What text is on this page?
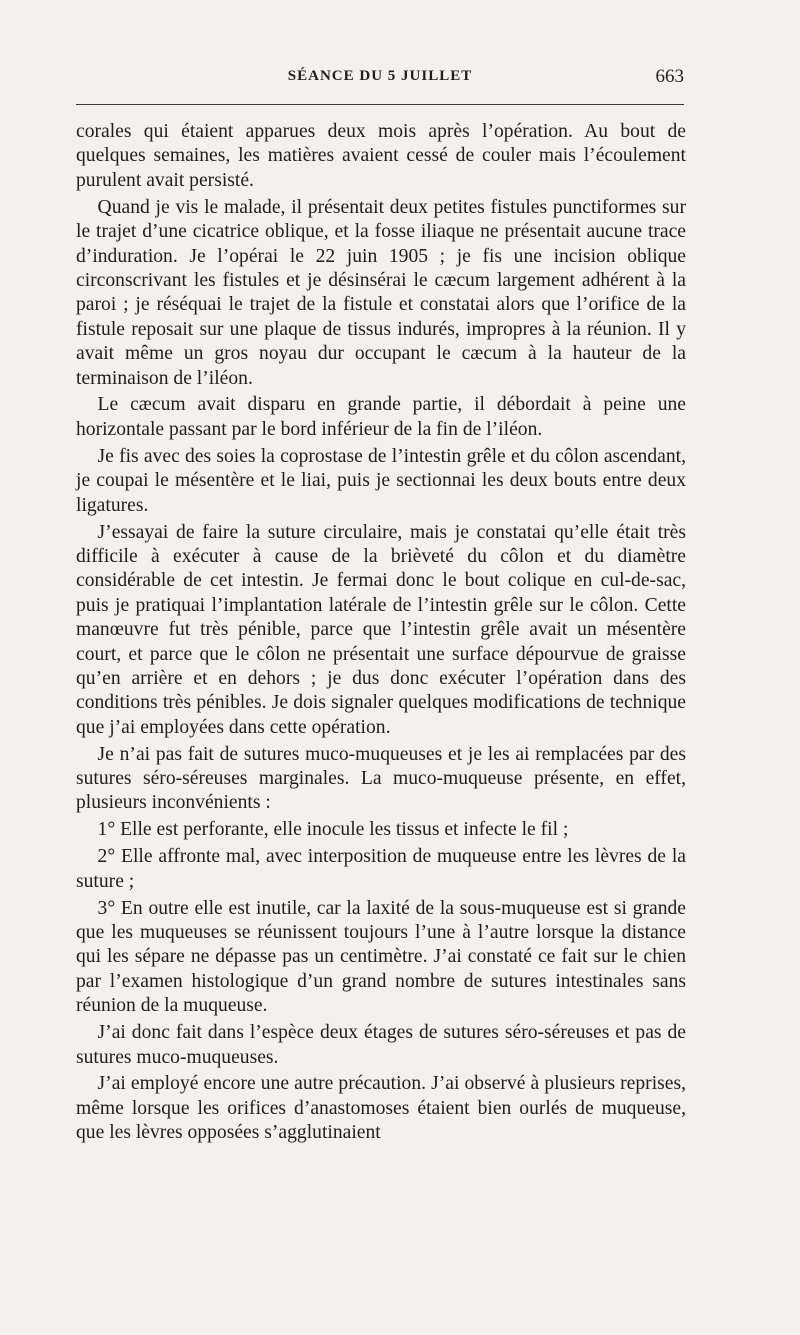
SÉANCE DU 5 JUILLET	663

corales qui étaient apparues deux mois après l’opération. Au bout de quelques semaines, les matières avaient cessé de couler mais l’écoulement purulent avait persisté.

Quand je vis le malade, il présentait deux petites fistules punctiformes sur le trajet d’une cicatrice oblique, et la fosse iliaque ne présentait aucune trace d’induration. Je l’opérai le 22 juin 1905 ; je fis une incision oblique circonscrivant les fistules et je désinsérai le cæcum largement adhérent à la paroi ; je réséquai le trajet de la fistule et constatai alors que l’orifice de la fistule reposait sur une plaque de tissus indurés, impropres à la réunion. Il y avait même un gros noyau dur occupant le cæcum à la hauteur de la terminaison de l’iléon.

Le cæcum avait disparu en grande partie, il débordait à peine une horizontale passant par le bord inférieur de la fin de l’iléon.

Je fis avec des soies la coprostase de l’intestin grêle et du côlon ascendant, je coupai le mésentère et le liai, puis je sectionnai les deux bouts entre deux ligatures.

J’essayai de faire la suture circulaire, mais je constatai qu’elle était très difficile à exécuter à cause de la brièveté du côlon et du diamètre considérable de cet intestin. Je fermai donc le bout colique en cul-de-sac, puis je pratiquai l’implantation latérale de l’intestin grêle sur le côlon. Cette manœuvre fut très pénible, parce que l’intestin grêle avait un mésentère court, et parce que le côlon ne présentait une surface dépourvue de graisse qu’en arrière et en dehors ; je dus donc exécuter l’opération dans des conditions très pénibles. Je dois signaler quelques modifications de technique que j’ai employées dans cette opération.

Je n’ai pas fait de sutures muco-muqueuses et je les ai remplacées par des sutures séro-séreuses marginales. La muco-muqueuse présente, en effet, plusieurs inconvénients :

1° Elle est perforante, elle inocule les tissus et infecte le fil ;

2° Elle affronte mal, avec interposition de muqueuse entre les lèvres de la suture ;

3° En outre elle est inutile, car la laxité de la sous-muqueuse est si grande que les muqueuses se réunissent toujours l’une à l’autre lorsque la distance qui les sépare ne dépasse pas un centimètre. J’ai constaté ce fait sur le chien par l’examen histologique d’un grand nombre de sutures intestinales sans réunion de la muqueuse.

J’ai donc fait dans l’espèce deux étages de sutures séro-séreuses et pas de sutures muco-muqueuses.

J’ai employé encore une autre précaution. J’ai observé à plusieurs reprises, même lorsque les orifices d’anastomoses étaient bien ourlés de muqueuse, que les lèvres opposées s’agglutinaient
